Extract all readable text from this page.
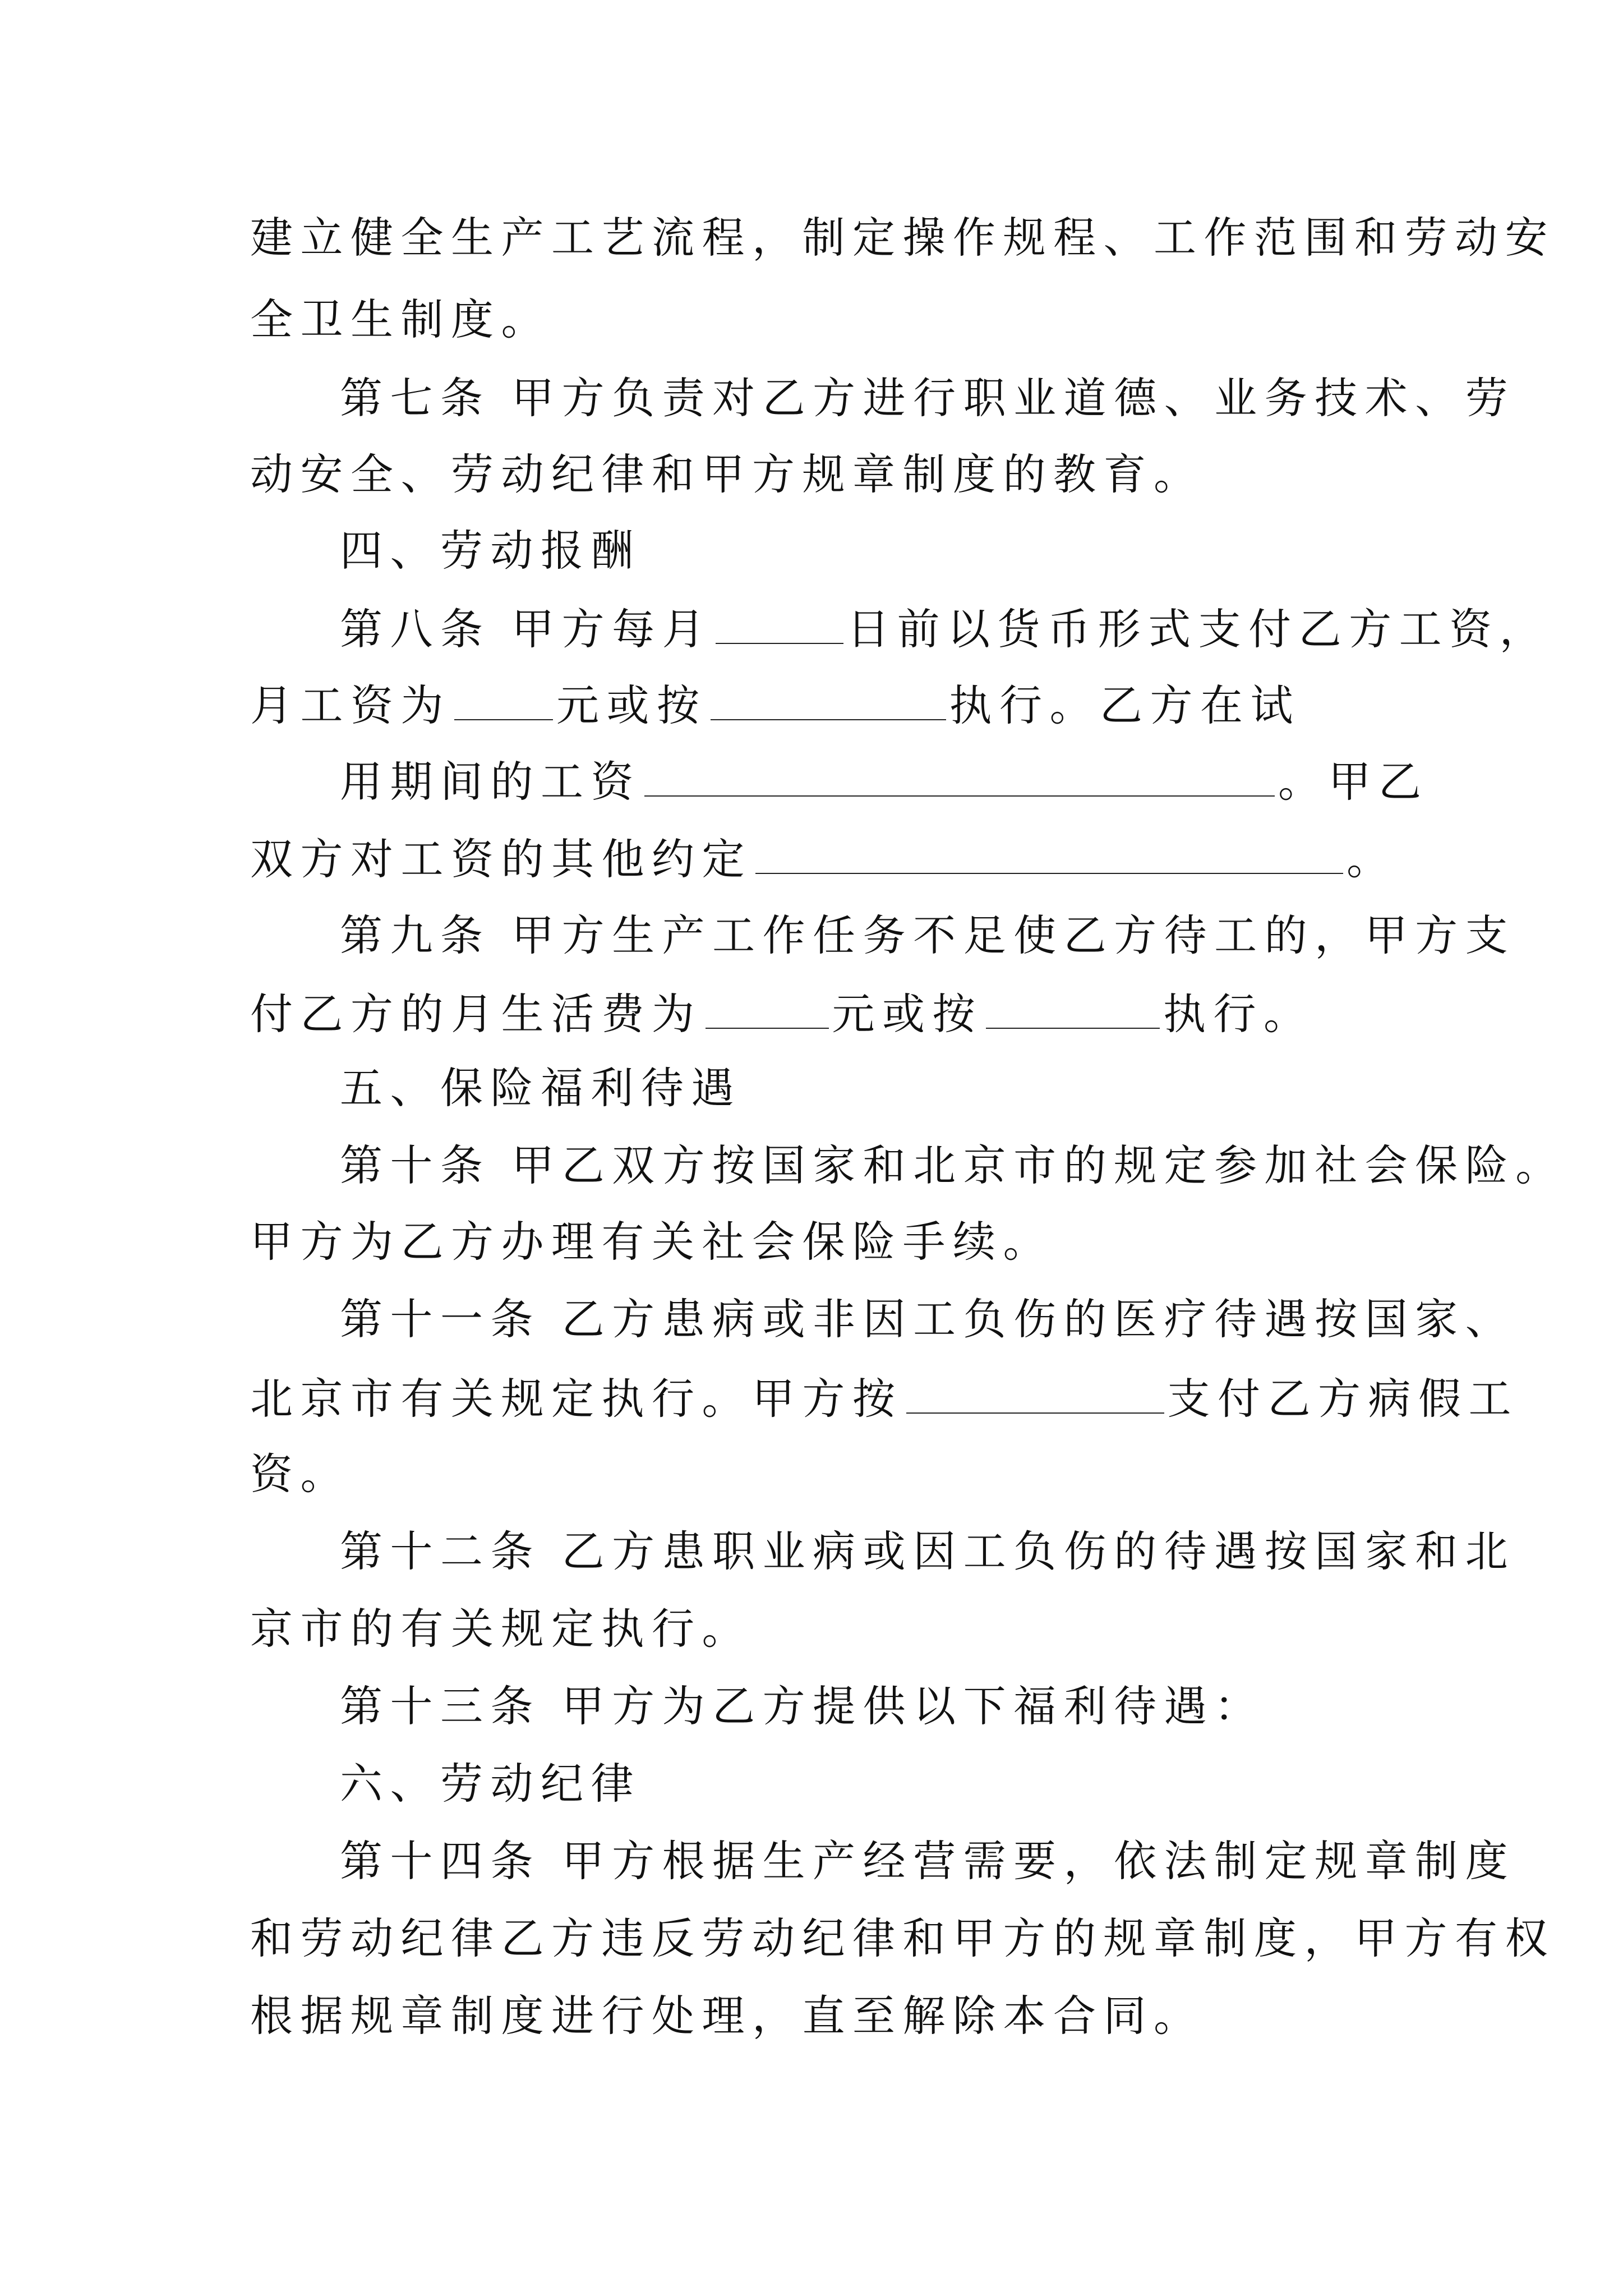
建立健全生产工艺流程，制定操作规程、工作范围和劳动安
全卫生制度。
第七条 甲方负责对乙方进行职业道德、业务技术、劳
动安全、劳动纪律和甲方规章制度的教育。
四、劳动报酬
第八条 甲方每月	日前以货币形式支付乙方工资，
月工资为 元或按	执行。乙方在试
用期间的工资	。甲乙
双方对工资的其他约定	。
第九条 甲方生产工作任务不足使乙方待工的，甲方支
付乙方的月生活费为	元或按	执行。
五、保险福利待遇
第十条 甲乙双方按国家和北京市的规定参加社会保险。
甲方为乙方办理有关社会保险手续。
第十一条 乙方患病或非因工负伤的医疗待遇按国家、
北京市有关规定执行。甲方按	支付乙方病假工
资。
第十二条 乙方患职业病或因工负伤的待遇按国家和北
京市的有关规定执行。
第十三条 甲方为乙方提供以下福利待遇：
六、劳动纪律
第十四条 甲方根据生产经营需要，依法制定规章制度
和劳动纪律乙方违反劳动纪律和甲方的规章制度，甲方有权
根据规章制度进行处理，直至解除本合同。
